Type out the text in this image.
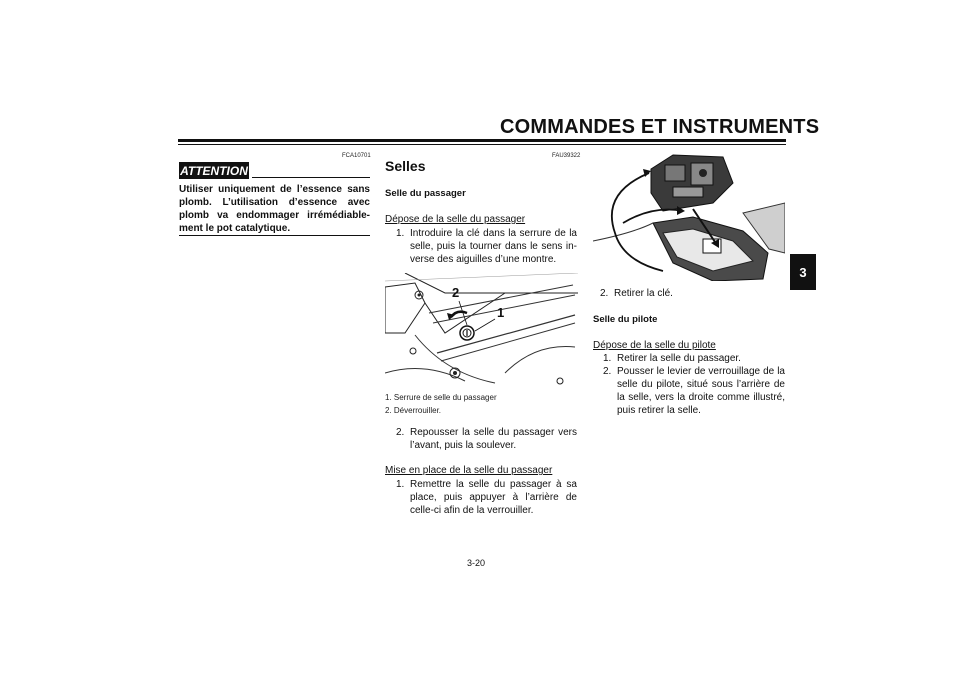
COMMANDES ET INSTRUMENTS
3
FCA10701
ATTENTION
Utiliser uniquement de l’essence sans plomb. L’utilisation d’essence avec plomb va endommager irrémédiable-ment le pot catalytique.
FAU39322
Selles
Selle du passager
Dépose de la selle du passager
1. Introduire la clé dans la serrure de la selle, puis la tourner dans le sens in-verse des aiguilles d’une montre.
2
1
1. Serrure de selle du passager
2. Déverrouiller.
2. Repousser la selle du passager vers l’avant, puis la soulever.
Mise en place de la selle du passager
1. Remettre la selle du passager à sa place, puis appuyer à l’arrière de celle-ci afin de la verrouiller.
2. Retirer la clé.
Selle du pilote
Dépose de la selle du pilote
1. Retirer la selle du passager.
2. Pousser le levier de verrouillage de la selle du pilote, situé sous l’arrière de la selle, vers la droite comme illustré, puis retirer la selle.
3-20
